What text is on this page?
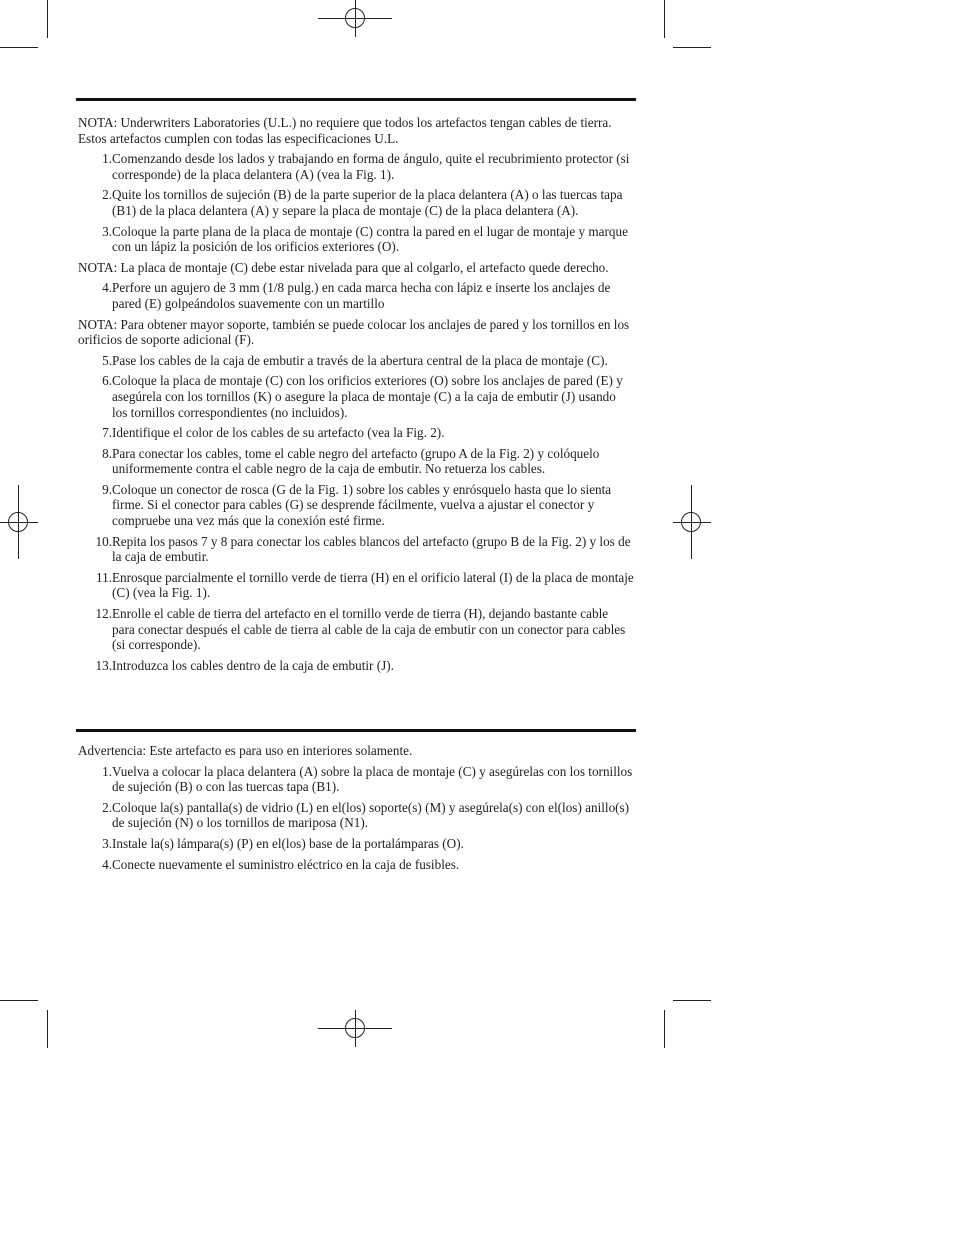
NOTA: Underwriters Laboratories (U.L.) no requiere que todos los artefactos tengan cables de tierra. Estos artefactos cumplen con todas las especificaciones U.L.

1. Comenzando desde los lados y trabajando en forma de ángulo, quite el recubrimiento protector (si corresponde) de la placa delantera (A) (vea la Fig. 1).
2. Quite los tornillos de sujeción (B) de la parte superior de la placa delantera (A) o las tuercas tapa (B1) de la placa delantera (A) y separe la placa de montaje (C) de la placa delantera (A).
3. Coloque la parte plana de la placa de montaje (C) contra la pared en el lugar de montaje y marque con un lápiz la posición de los orificios exteriores (O).

NOTA: La placa de montaje (C) debe estar nivelada para que al colgarlo, el artefacto quede derecho.

4. Perfore un agujero de 3 mm (1/8 pulg.) en cada marca hecha con lápiz e inserte los anclajes de pared (E) golpeándolos suavemente con un martillo

NOTA: Para obtener mayor soporte, también se puede colocar los anclajes de pared y los tornillos en los orificios de soporte adicional (F).

5. Pase los cables de la caja de embutir a través de la abertura central de la placa de montaje (C).
6. Coloque la placa de montaje (C) con los orificios exteriores (O) sobre los anclajes de pared (E) y asegúrela con los tornillos (K) o asegure la placa de montaje (C) a la caja de embutir (J) usando los tornillos correspondientes (no incluidos).
7. Identifique el color de los cables de su artefacto (vea la Fig. 2).
8. Para conectar los cables, tome el cable negro del artefacto (grupo A de la Fig. 2) y colóquelo uniformemente contra el cable negro de la caja de embutir. No retuerza los cables.
9. Coloque un conector de rosca (G de la Fig. 1) sobre los cables y enrósquelo hasta que lo sienta firme. Si el conector para cables (G) se desprende fácilmente, vuelva a ajustar el conector y compruebe una vez más que la conexión esté firme.
10. Repita los pasos 7 y 8 para conectar los cables blancos del artefacto (grupo B de la Fig. 2) y los de la caja de embutir.
11. Enrosque parcialmente el tornillo verde de tierra (H) en el orificio lateral (I) de la placa de montaje (C) (vea la Fig. 1).
12. Enrolle el cable de tierra del artefacto en el tornillo verde de tierra (H), dejando bastante cable para conectar después el cable de tierra al cable de la caja de embutir con un conector para cables (si corresponde).
13. Introduzca los cables dentro de la caja de embutir (J).

Advertencia: Este artefacto es para uso en interiores solamente.

1. Vuelva a colocar la placa delantera (A) sobre la placa de montaje (C) y asegúrelas con los tornillos de sujeción (B) o con las tuercas tapa (B1).
2. Coloque la(s) pantalla(s) de vidrio (L) en el(los) soporte(s) (M) y asegúrela(s) con el(los) anillo(s) de sujeción (N) o los tornillos de mariposa (N1).
3. Instale la(s) lámpara(s) (P) en el(los) base de la portalámparas (O).
4. Conecte nuevamente el suministro eléctrico en la caja de fusibles.
